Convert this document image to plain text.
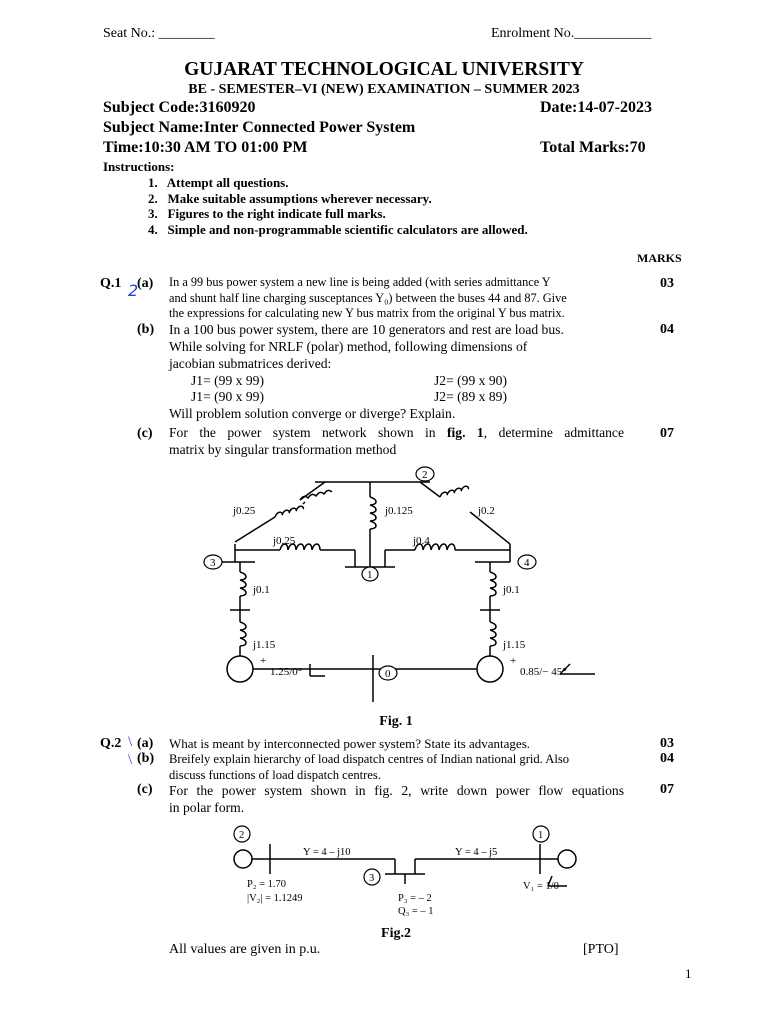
Seat No.: ________	Enrolment No.___________
GUJARAT TECHNOLOGICAL UNIVERSITY
BE - SEMESTER–VI (NEW) EXAMINATION – SUMMER 2023
Subject Code:3160920	Date:14-07-2023
Subject Name:Inter Connected Power System
Time:10:30 AM TO 01:00 PM	Total Marks:70
Instructions:
1.   Attempt all questions.
2.   Make suitable assumptions wherever necessary.
3.   Figures to the right indicate full marks.
4.   Simple and non-programmable scientific calculators are allowed.
MARKS
Q.1 2
(a) In a 99 bus power system a new line is being added (with series admittance Y
and shunt half line charging susceptances Y₀) between the buses 44 and 87. Give
the expressions for calculating new Y bus matrix from the original Y bus matrix.
03
(b) In a 100 bus power system, there are 10 generators and rest are load bus.
While solving for NRLF (polar) method, following dimensions of
jacobian submatrices derived:
04
J1= (99 x 99)	J2= (99 x 90)
J1= (90 x 99)	J2= (89 x 89)
Will problem solution converge or diverge? Explain.
(c) For the power system network shown in fig. 1, determine admittance
matrix by singular transformation method
07
2
1
3	4
0
j0.25	j0.125	j0.2
j0.25	j0.4
j0.1	j0.1
j1.15	j1.15
+	+
1.25/0°	0.85/− 45°
Fig. 1
Q.2 \
\
(a) What is meant by interconnected power system? State its advantages.	03
(b) Breifely explain hierarchy of load dispatch centres of Indian national grid. Also
discuss functions of load dispatch centres.
04
(c) For the power system shown in fig. 2, write down power flow equations
in polar form.
07
2	1
3
Y = 4 – j10	Y = 4 – j5
P₂ = 1.70
|V₂| = 1.1249	P₃ = – 2
Q₃ = – 1
V₁ = 1/0
Fig.2
All values are given in p.u.	[PTO]
1
